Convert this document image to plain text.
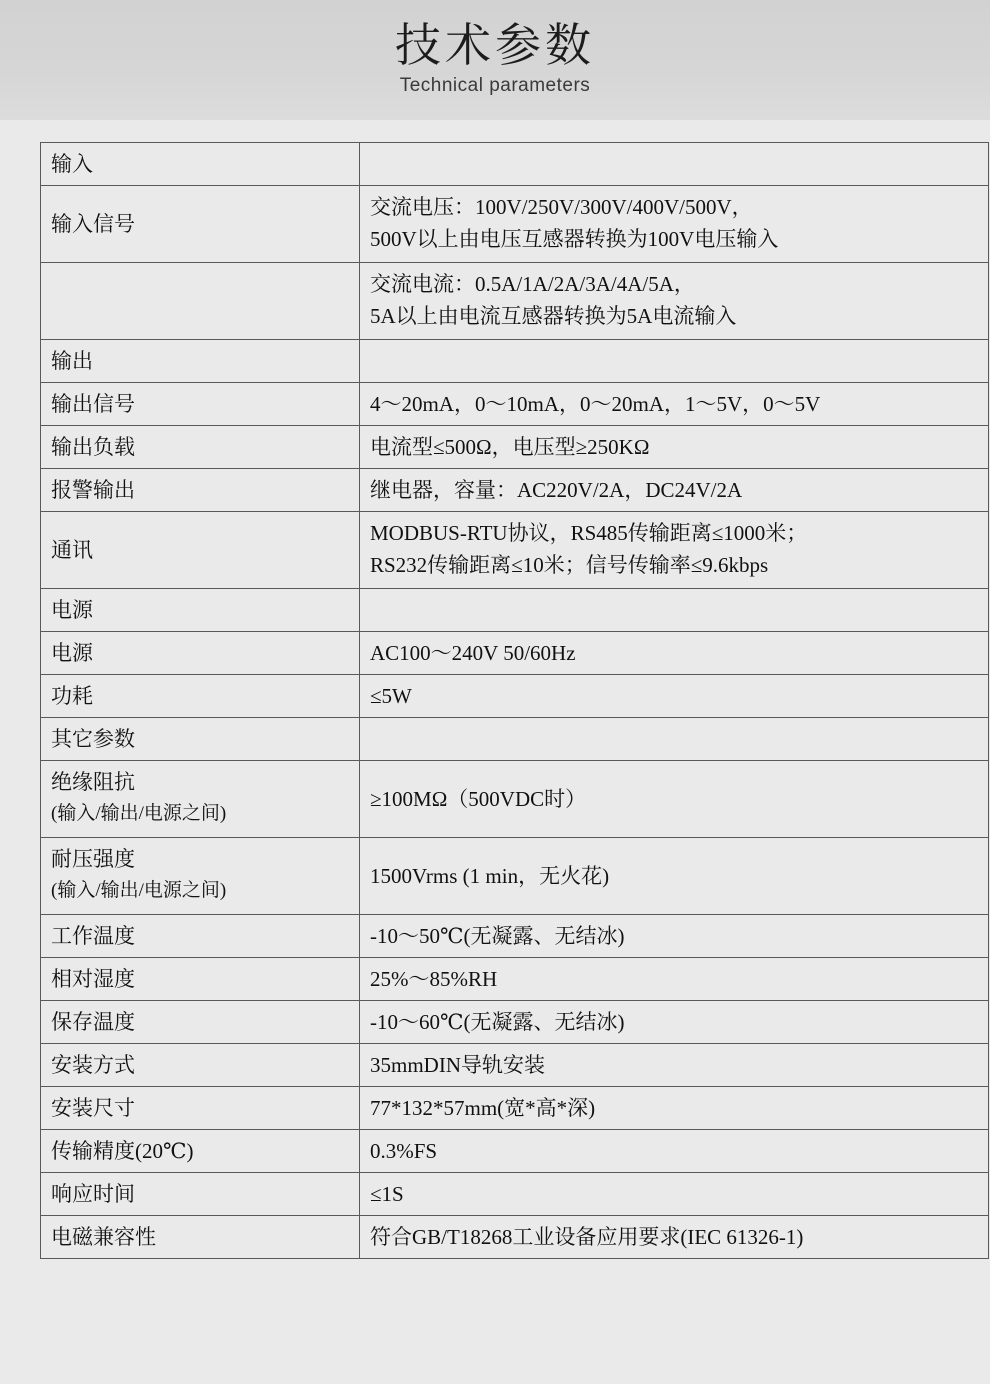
技术参数
Technical parameters
输入	
输入信号	交流电压：100V/250V/300V/400V/500V，
500V以上由电压互感器转换为100V电压输入

	交流电流：0.5A/1A/2A/3A/4A/5A，
5A以上由电流互感器转换为5A电流输入

输出	
输出信号	4～20mA，0～10mA，0～20mA，1～5V，0～5V
输出负载	电流型≤500Ω，电压型≥250KΩ
报警输出	继电器，容量：AC220V/2A，DC24V/2A
通讯	MODBUS-RTU协议，RS485传输距离≤1000米；
RS232传输距离≤10米；信号传输率≤9.6kbps

电源	
电源	AC100～240V 50/60Hz
功耗	≤5W
其它参数	
绝缘阻抗
(输入/输出/电源之间)	≥100MΩ（500VDC时）
耐压强度
(输入/输出/电源之间)	1500Vrms (1 min，无火花)
工作温度	-10～50℃(无凝露、无结冰)
相对湿度	25%～85%RH
保存温度	-10～60℃(无凝露、无结冰)
安装方式	35mmDIN导轨安装
安装尺寸	77*132*57mm(宽*高*深)
传输精度(20℃)	0.3%FS
响应时间	≤1S
电磁兼容性	符合GB/T18268工业设备应用要求(IEC 61326-1)
